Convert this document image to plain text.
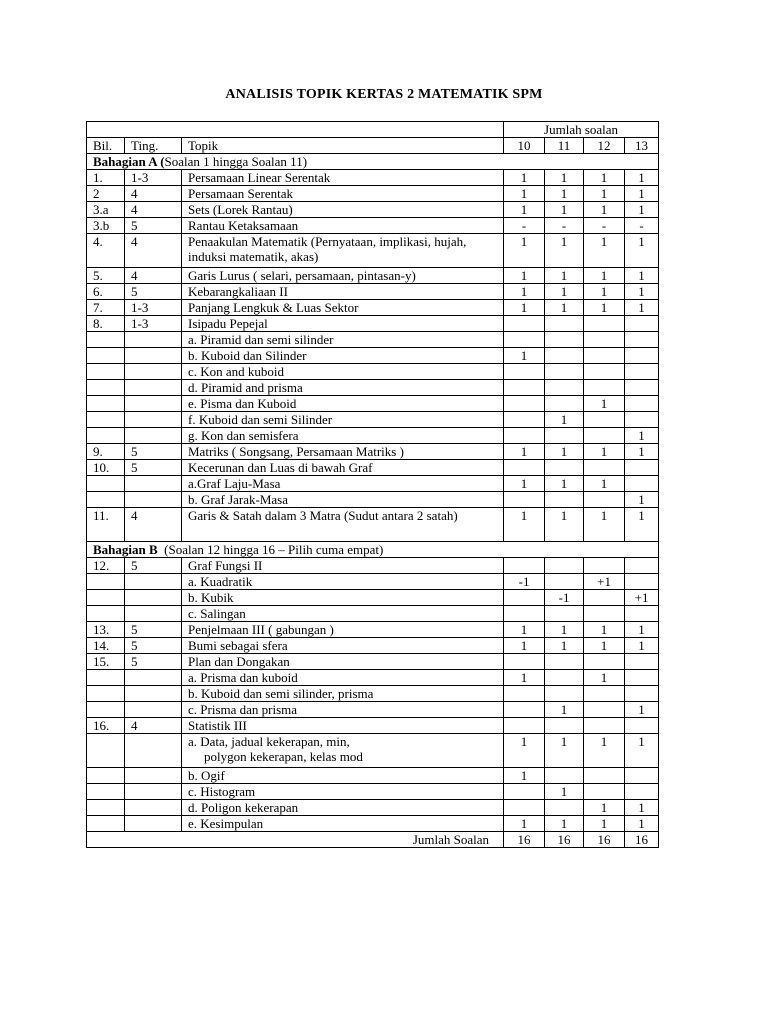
ANALISIS TOPIK KERTAS 2 MATEMATIK SPM
			Jumlah soalan			
Bil.	Ting.	Topik	10	11	12	13
Bahagian A (Soalan 1 hingga Soalan 11)						
1.	1-3	Persamaan Linear Serentak	1	1	1	1
2	4	Persamaan Serentak	1	1	1	1
3.a	4	Sets (Lorek Rantau)	1	1	1	1
3.b	5	Rantau Ketaksamaan	-	-	-	-
4.	4	Penaakulan Matematik (Pernyataan, implikasi, hujah, induksi matematik, akas)	1	1	1	1
5.	4	Garis Lurus ( selari, persamaan, pintasan-y)	1	1	1	1
6.	5	Kebarangkaliaan II	1	1	1	1
7.	1-3	Panjang Lengkuk & Luas Sektor	1	1	1	1
8.	1-3	Isipadu Pepejal				
		a. Piramid dan semi silinder				
		b. Kuboid dan Silinder	1			
		c. Kon and kuboid				
		d. Piramid and prisma				
		e. Pisma dan Kuboid			1	
		f. Kuboid dan semi Silinder		1		
		g. Kon dan semisfera				1
9.	5	Matriks ( Songsang, Persamaan Matriks )	1	1	1	1
10.	5	Kecerunan dan Luas di bawah Graf				
		a.Graf Laju-Masa	1	1	1	
		b. Graf Jarak-Masa				1
11.	4	Garis & Satah dalam 3 Matra (Sudut antara 2 satah)	1	1	1	1
Bahagian B  (Soalan 12 hingga 16 – Pilih cuma empat)						
12.	5	Graf Fungsi II				
		a. Kuadratik	-1		+1	
		b. Kubik		-1		+1
		c. Salingan				
13.	5	Penjelmaan III ( gabungan )	1	1	1	1
14.	5	Bumi sebagai sfera	1	1	1	1
15.	5	Plan dan Dongakan				
		a. Prisma dan kuboid	1		1	
		b. Kuboid dan semi silinder, prisma				
		c. Prisma dan prisma		1		1
16.	4	Statistik III				
		a. Data, jadual kekerapan, min,
polygon kekerapan, kelas mod	1	1	1	1
		b. Ogif	1			
		c. Histogram		1		
		d. Poligon kekerapan			1	1
		e. Kesimpulan	1	1	1	1
Jumlah Soalan			16	16	16	16
